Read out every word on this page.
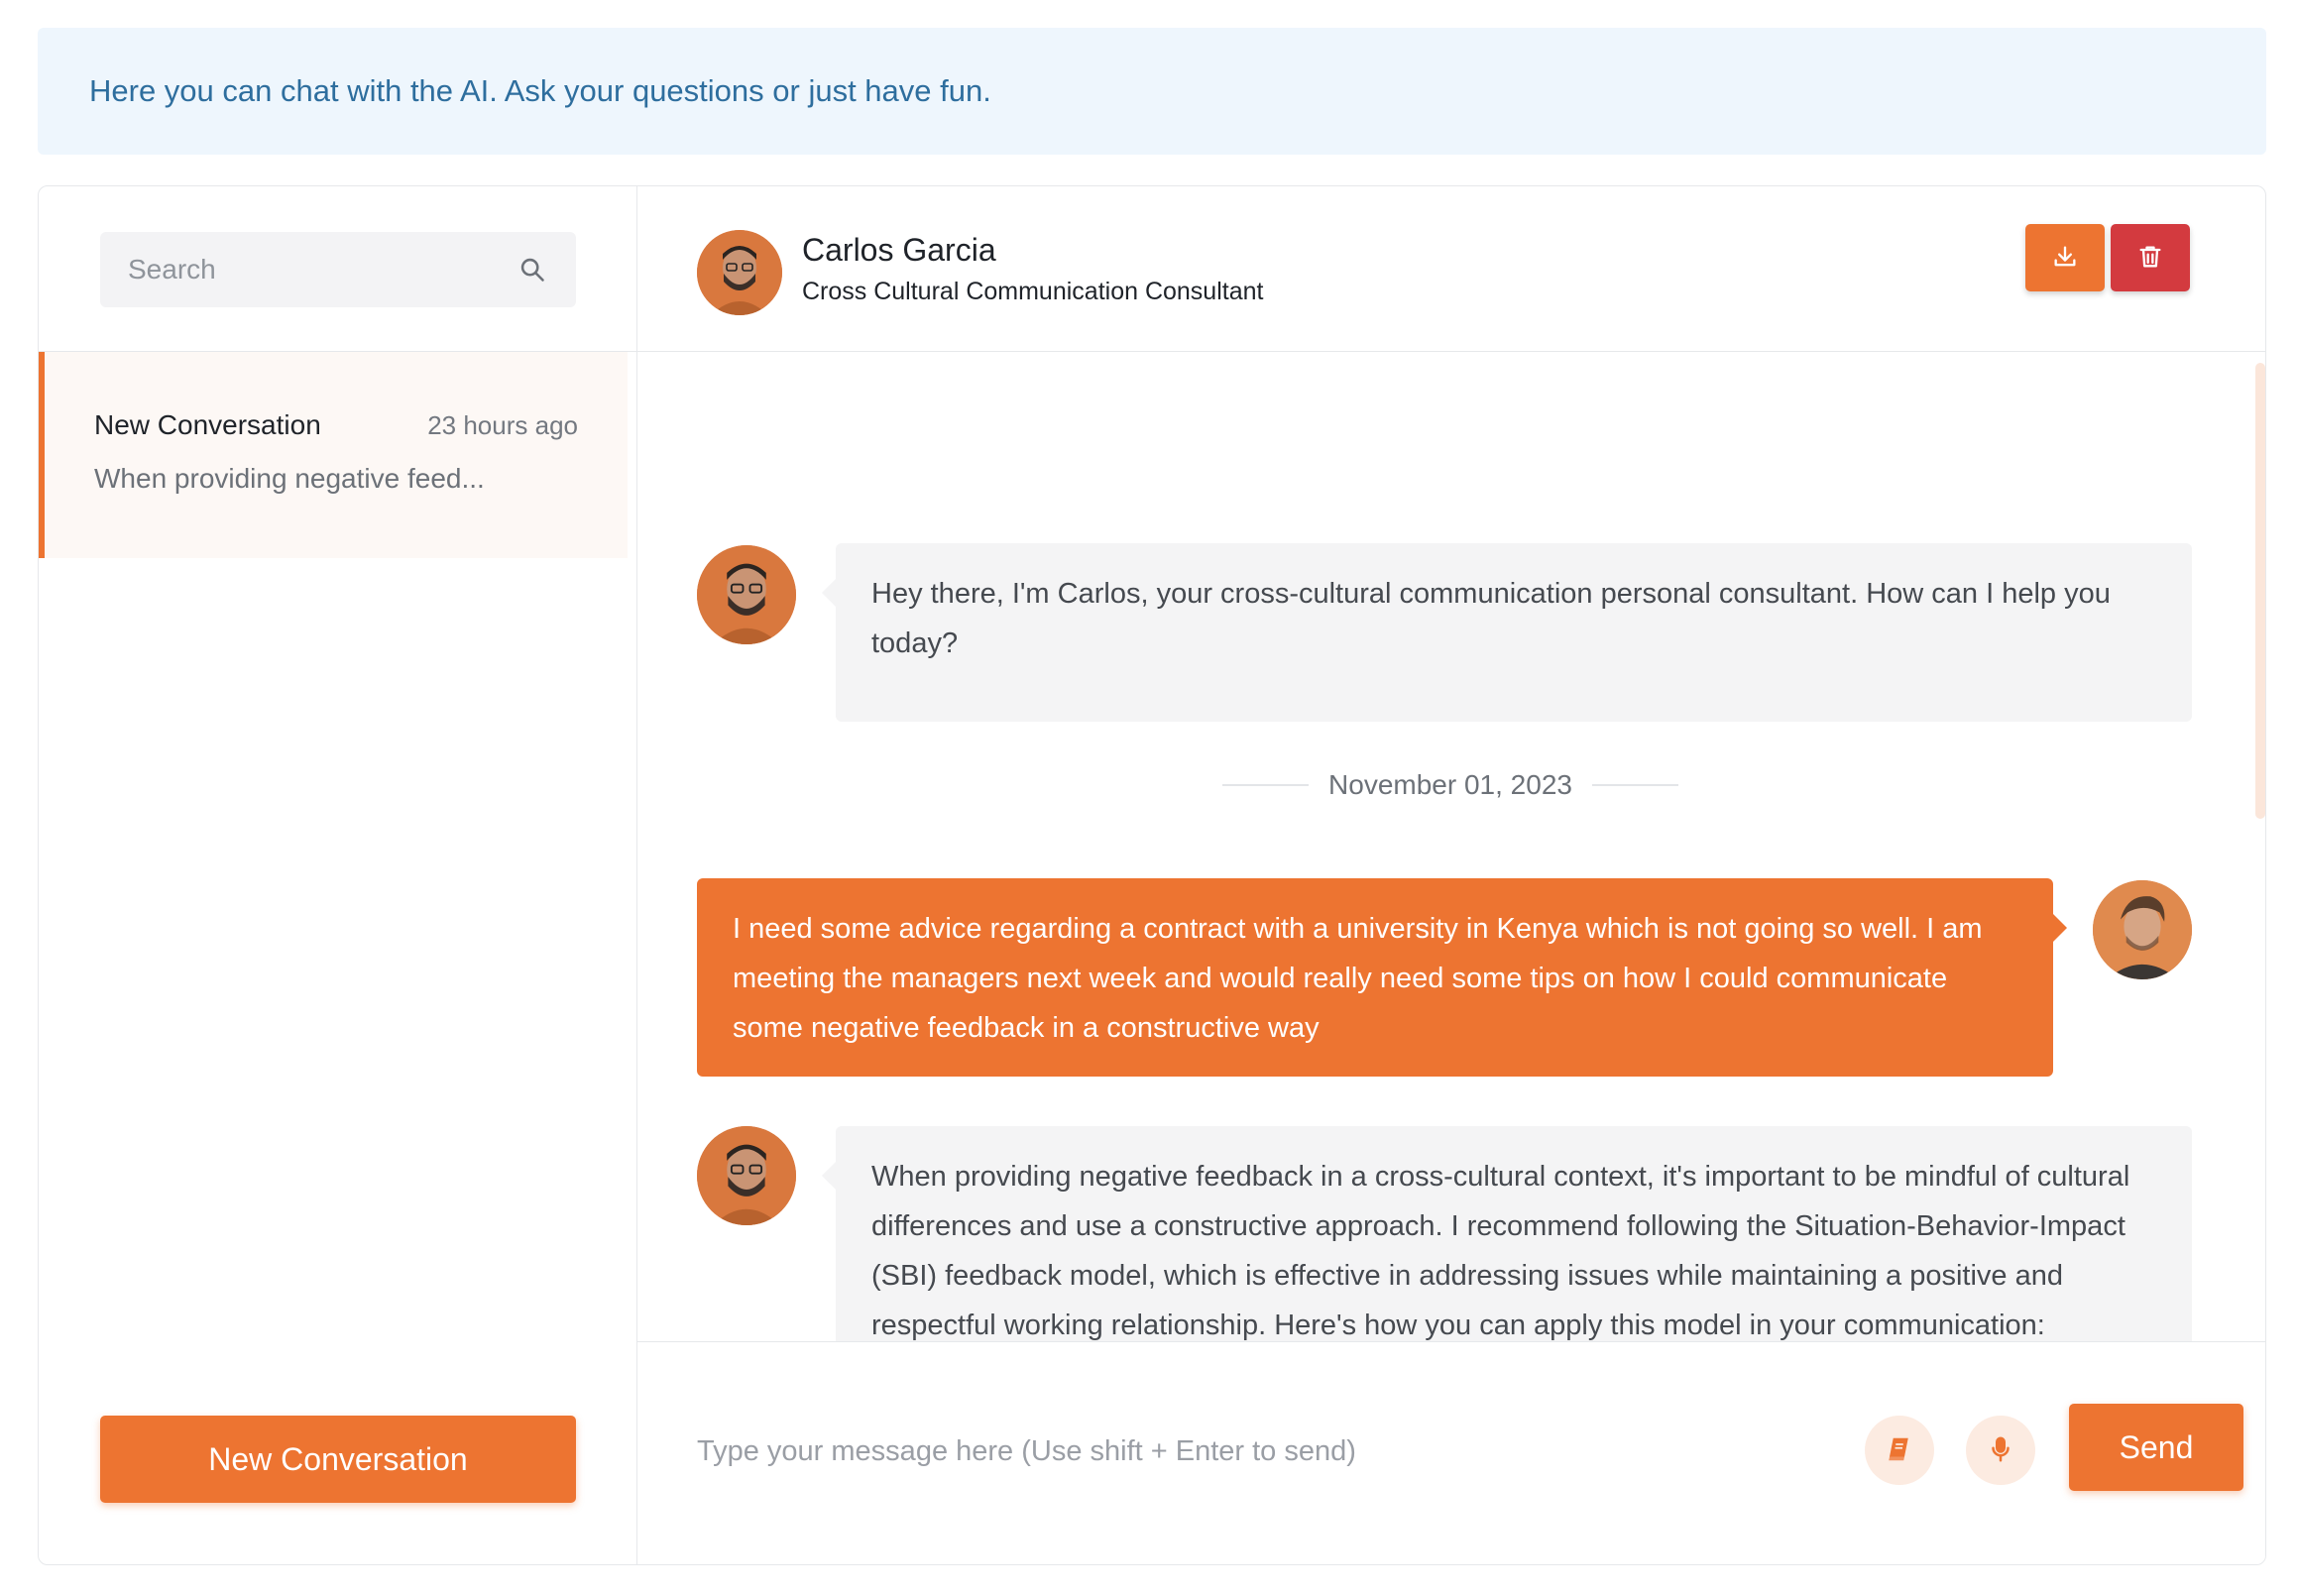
Here you can chat with the AI. Ask your questions or just have fun.
Search
New Conversation	23 hours ago
When providing negative feed...
New Conversation
Carlos Garcia
Cross Cultural Communication Consultant
Hey there, I'm Carlos, your cross-cultural communication personal consultant. How can I help you today?
November 01, 2023
I need some advice regarding a contract with a university in Kenya which is not going so well. I am meeting the managers next week and would really need some tips on how I could communicate some negative feedback in a constructive way
When providing negative feedback in a cross-cultural context, it's important to be mindful of cultural differences and use a constructive approach. I recommend following the Situation-Behavior-Impact (SBI) feedback model, which is effective in addressing issues while maintaining a positive and respectful working relationship. Here's how you can apply this model in your communication:
1.
Type your message here (Use shift + Enter to send)
Send
